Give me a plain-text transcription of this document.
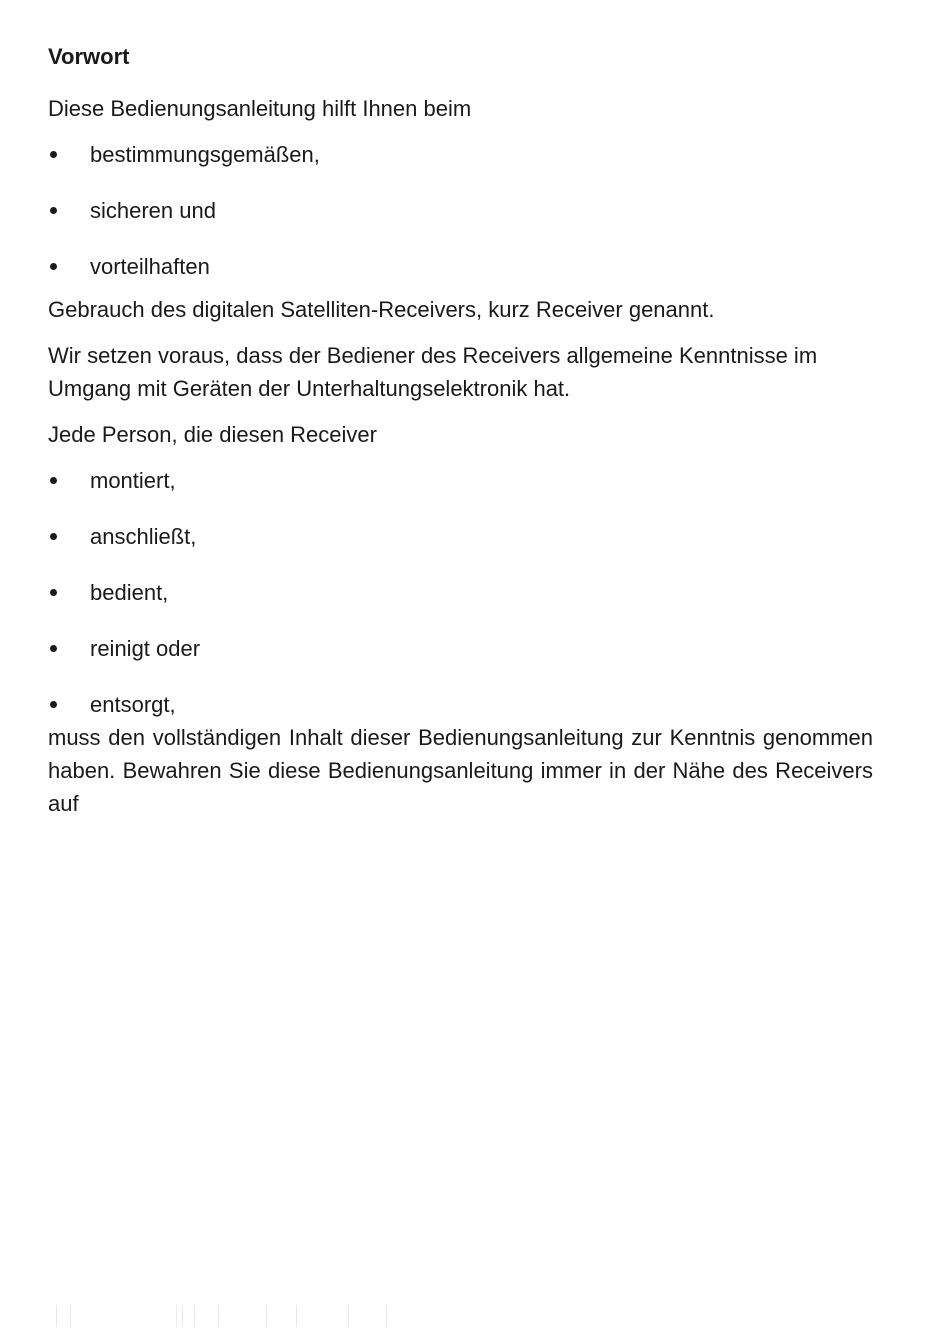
Vorwort
Diese Bedienungsanleitung hilft Ihnen beim
bestimmungsgemäßen,
sicheren und
vorteilhaften
Gebrauch des digitalen Satelliten-Receivers, kurz Receiver genannt.
Wir setzen voraus, dass der Bediener des Receivers allgemeine Kenntnisse im Umgang mit Geräten der Unterhaltungselektronik hat.
Jede Person, die diesen Receiver
montiert,
anschließt,
bedient,
reinigt oder
entsorgt,
muss den vollständigen Inhalt dieser Bedienungsanleitung zur Kenntnis genommen haben. Bewahren Sie diese Bedienungsanleitung immer in der Nähe des Receivers auf
